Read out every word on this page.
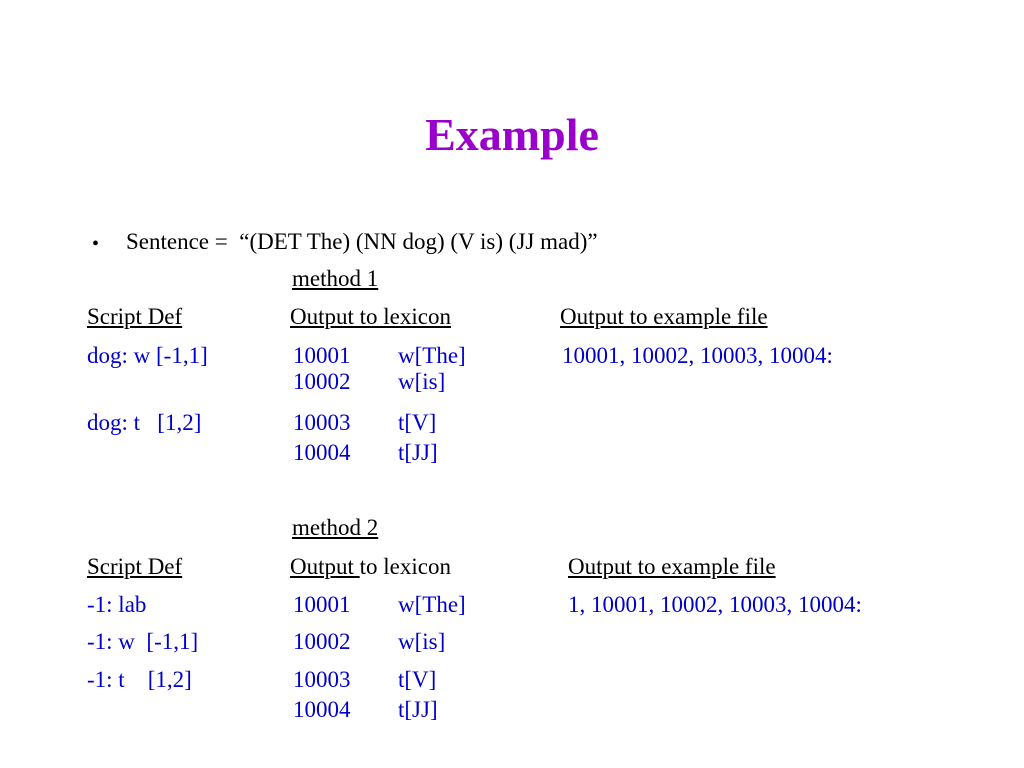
Example
• Sentence =  “(DET The) (NN dog) (V is) (JJ mad)”
method 1
Script Def	Output to lexicon	Output to example file
dog: w [-1,1]	10001 w[The]	10001, 10002, 10003, 10004:
10002 w[is]
dog: t   [1,2]	10003 t[V]
10004 t[JJ]
method 2
Script Def	Output to lexicon	Output to example file
-1: lab	10001 w[The]	1, 10001, 10002, 10003, 10004:
-1: w  [-1,1]	10002 w[is]
-1: t    [1,2]	10003 t[V]
10004 t[JJ]
